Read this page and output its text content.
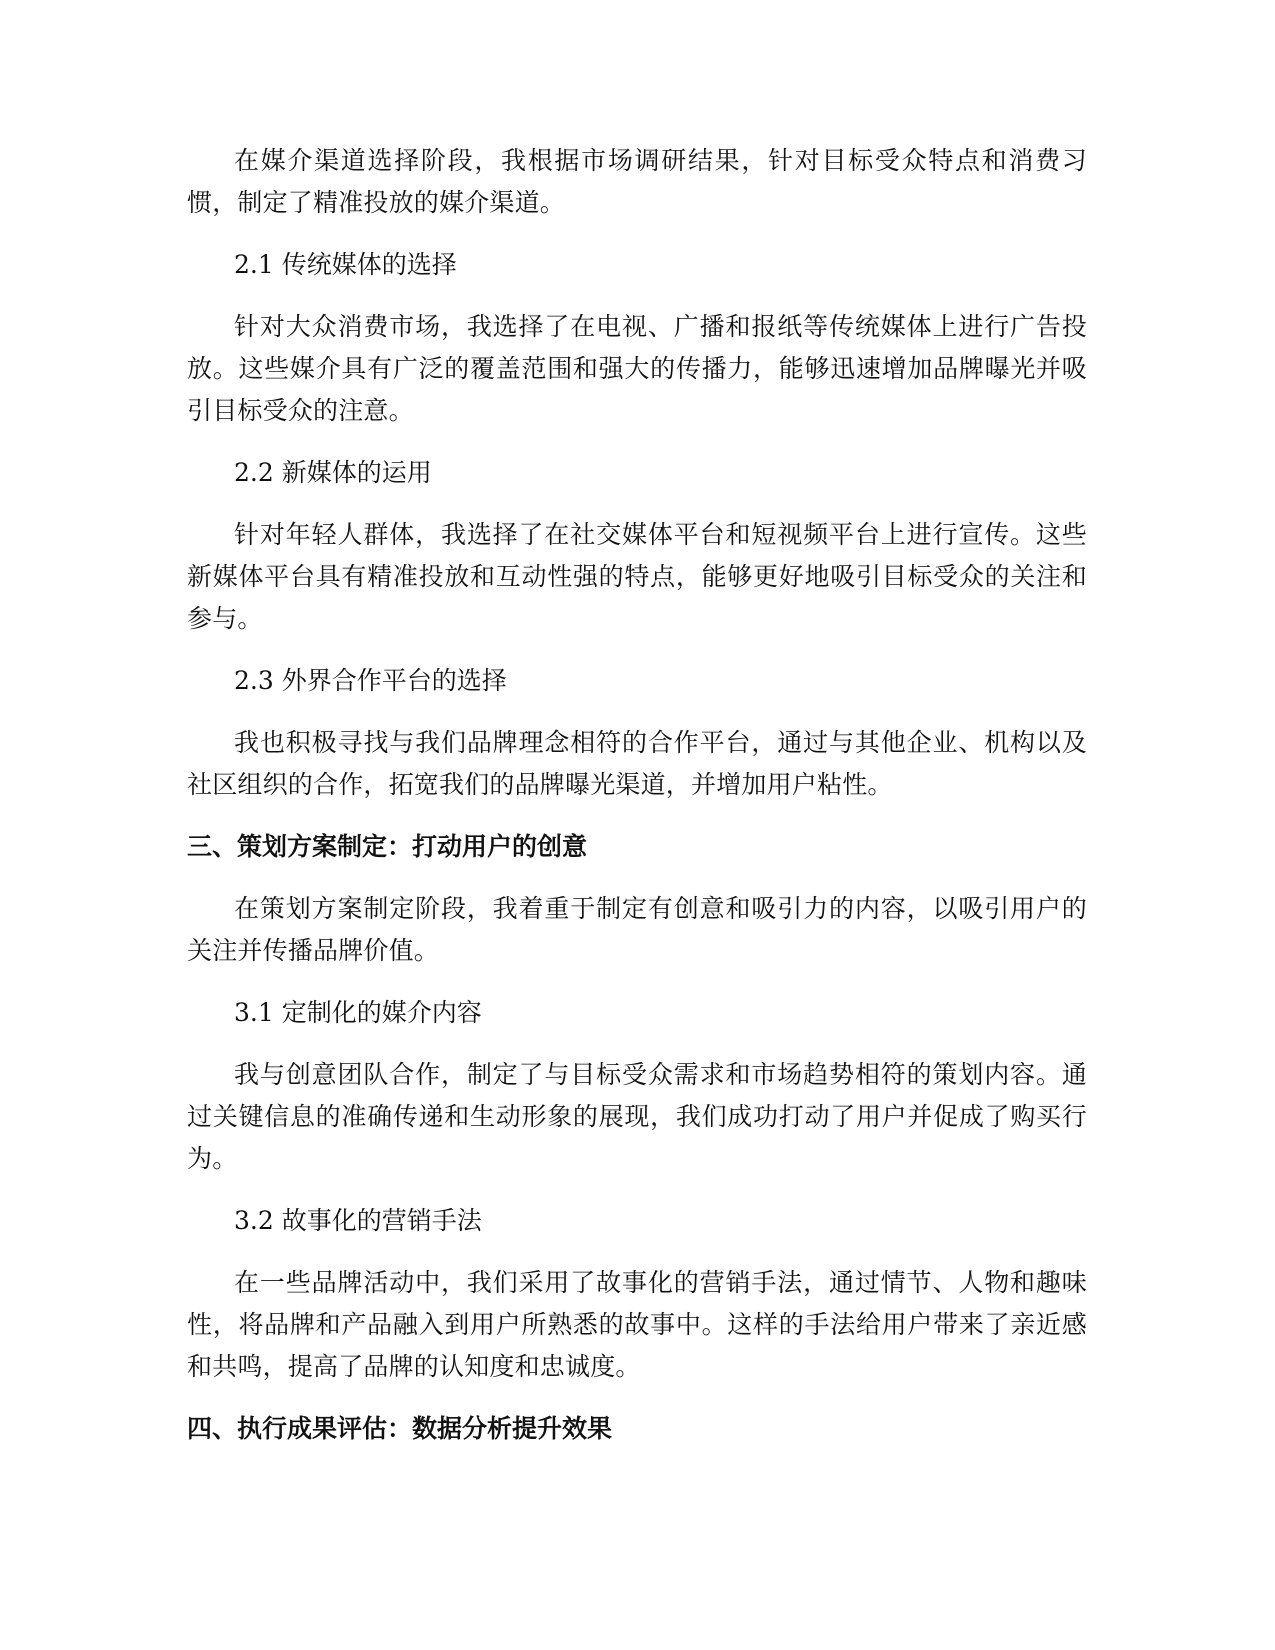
在媒介渠道选择阶段，我根据市场调研结果，针对目标受众特点和消费习惯，制定了精准投放的媒介渠道。

2.1 传统媒体的选择

针对大众消费市场，我选择了在电视、广播和报纸等传统媒体上进行广告投放。这些媒介具有广泛的覆盖范围和强大的传播力，能够迅速增加品牌曝光并吸引目标受众的注意。

2.2 新媒体的运用

针对年轻人群体，我选择了在社交媒体平台和短视频平台上进行宣传。这些新媒体平台具有精准投放和互动性强的特点，能够更好地吸引目标受众的关注和参与。

2.3 外界合作平台的选择

我也积极寻找与我们品牌理念相符的合作平台，通过与其他企业、机构以及社区组织的合作，拓宽我们的品牌曝光渠道，并增加用户粘性。

三、策划方案制定：打动用户的创意

在策划方案制定阶段，我着重于制定有创意和吸引力的内容，以吸引用户的关注并传播品牌价值。

3.1 定制化的媒介内容

我与创意团队合作，制定了与目标受众需求和市场趋势相符的策划内容。通过关键信息的准确传递和生动形象的展现，我们成功打动了用户并促成了购买行为。

3.2 故事化的营销手法

在一些品牌活动中，我们采用了故事化的营销手法，通过情节、人物和趣味性，将品牌和产品融入到用户所熟悉的故事中。这样的手法给用户带来了亲近感和共鸣，提高了品牌的认知度和忠诚度。

四、执行成果评估：数据分析提升效果
